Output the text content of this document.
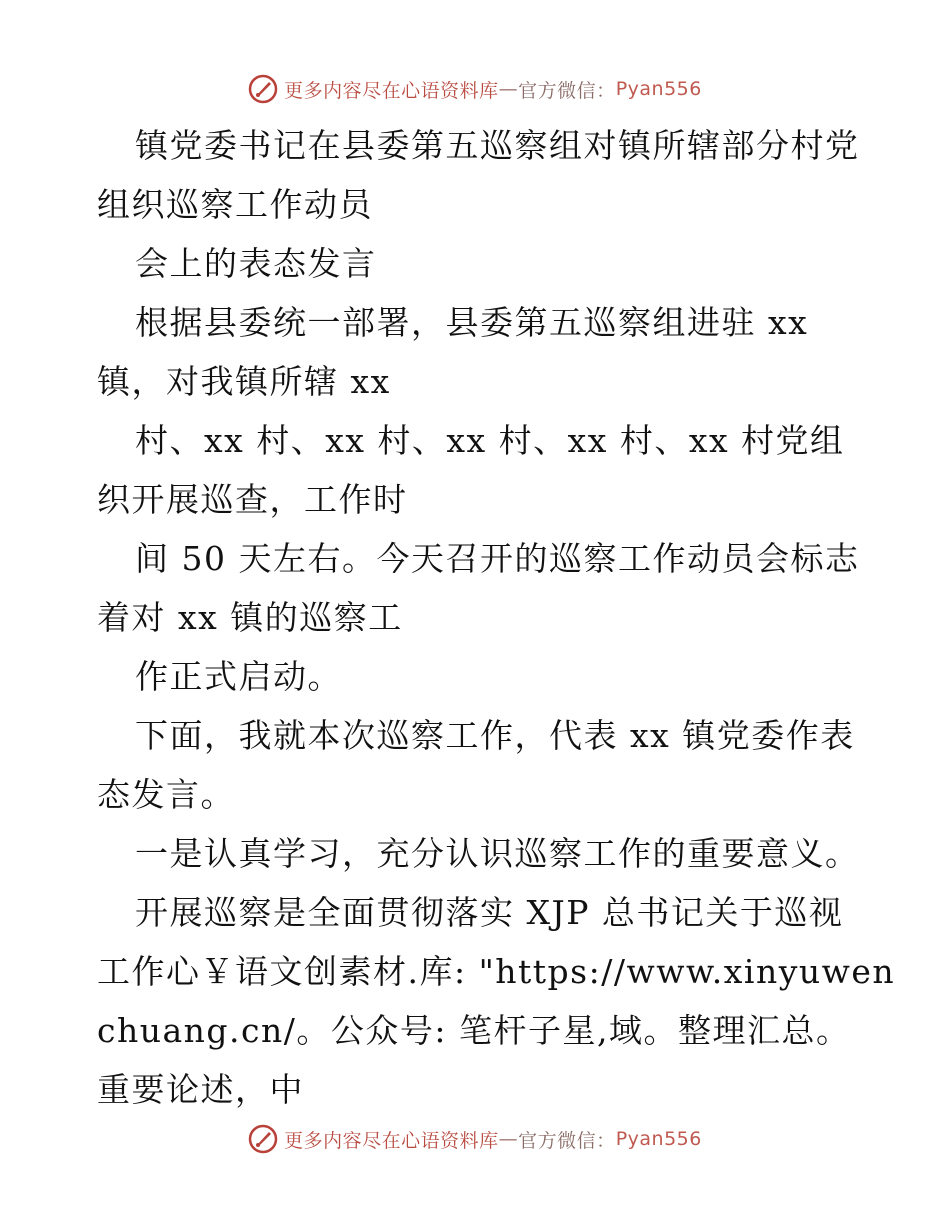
更多内容尽在心语资料库 — 官方微信： Pyan556
镇党委书记在县委第五巡察组对镇所辖部分村党
组织巡察工作动员
会上的表态发言
根据县委统一部署，县委第五巡察组进驻 xx
镇，对我镇所辖 xx
村、xx 村、xx 村、xx 村、xx 村、xx 村党组
织开展巡查，工作时
间 50 天左右。今天召开的巡察工作动员会标志
着对 xx 镇的巡察工
作正式启动。
下面，我就本次巡察工作，代表 xx 镇党委作表
态发言。
一是认真学习，充分认识巡察工作的重要意义。
开展巡察是全面贯彻落实 XJP 总书记关于巡视
工作心￥语文创素材.库: "https://www.xinyuwen
chuang.cn/。公众号: 笔杆子星,域。整理汇总。
重要论述，中
更多内容尽在心语资料库 — 官方微信： Pyan556
